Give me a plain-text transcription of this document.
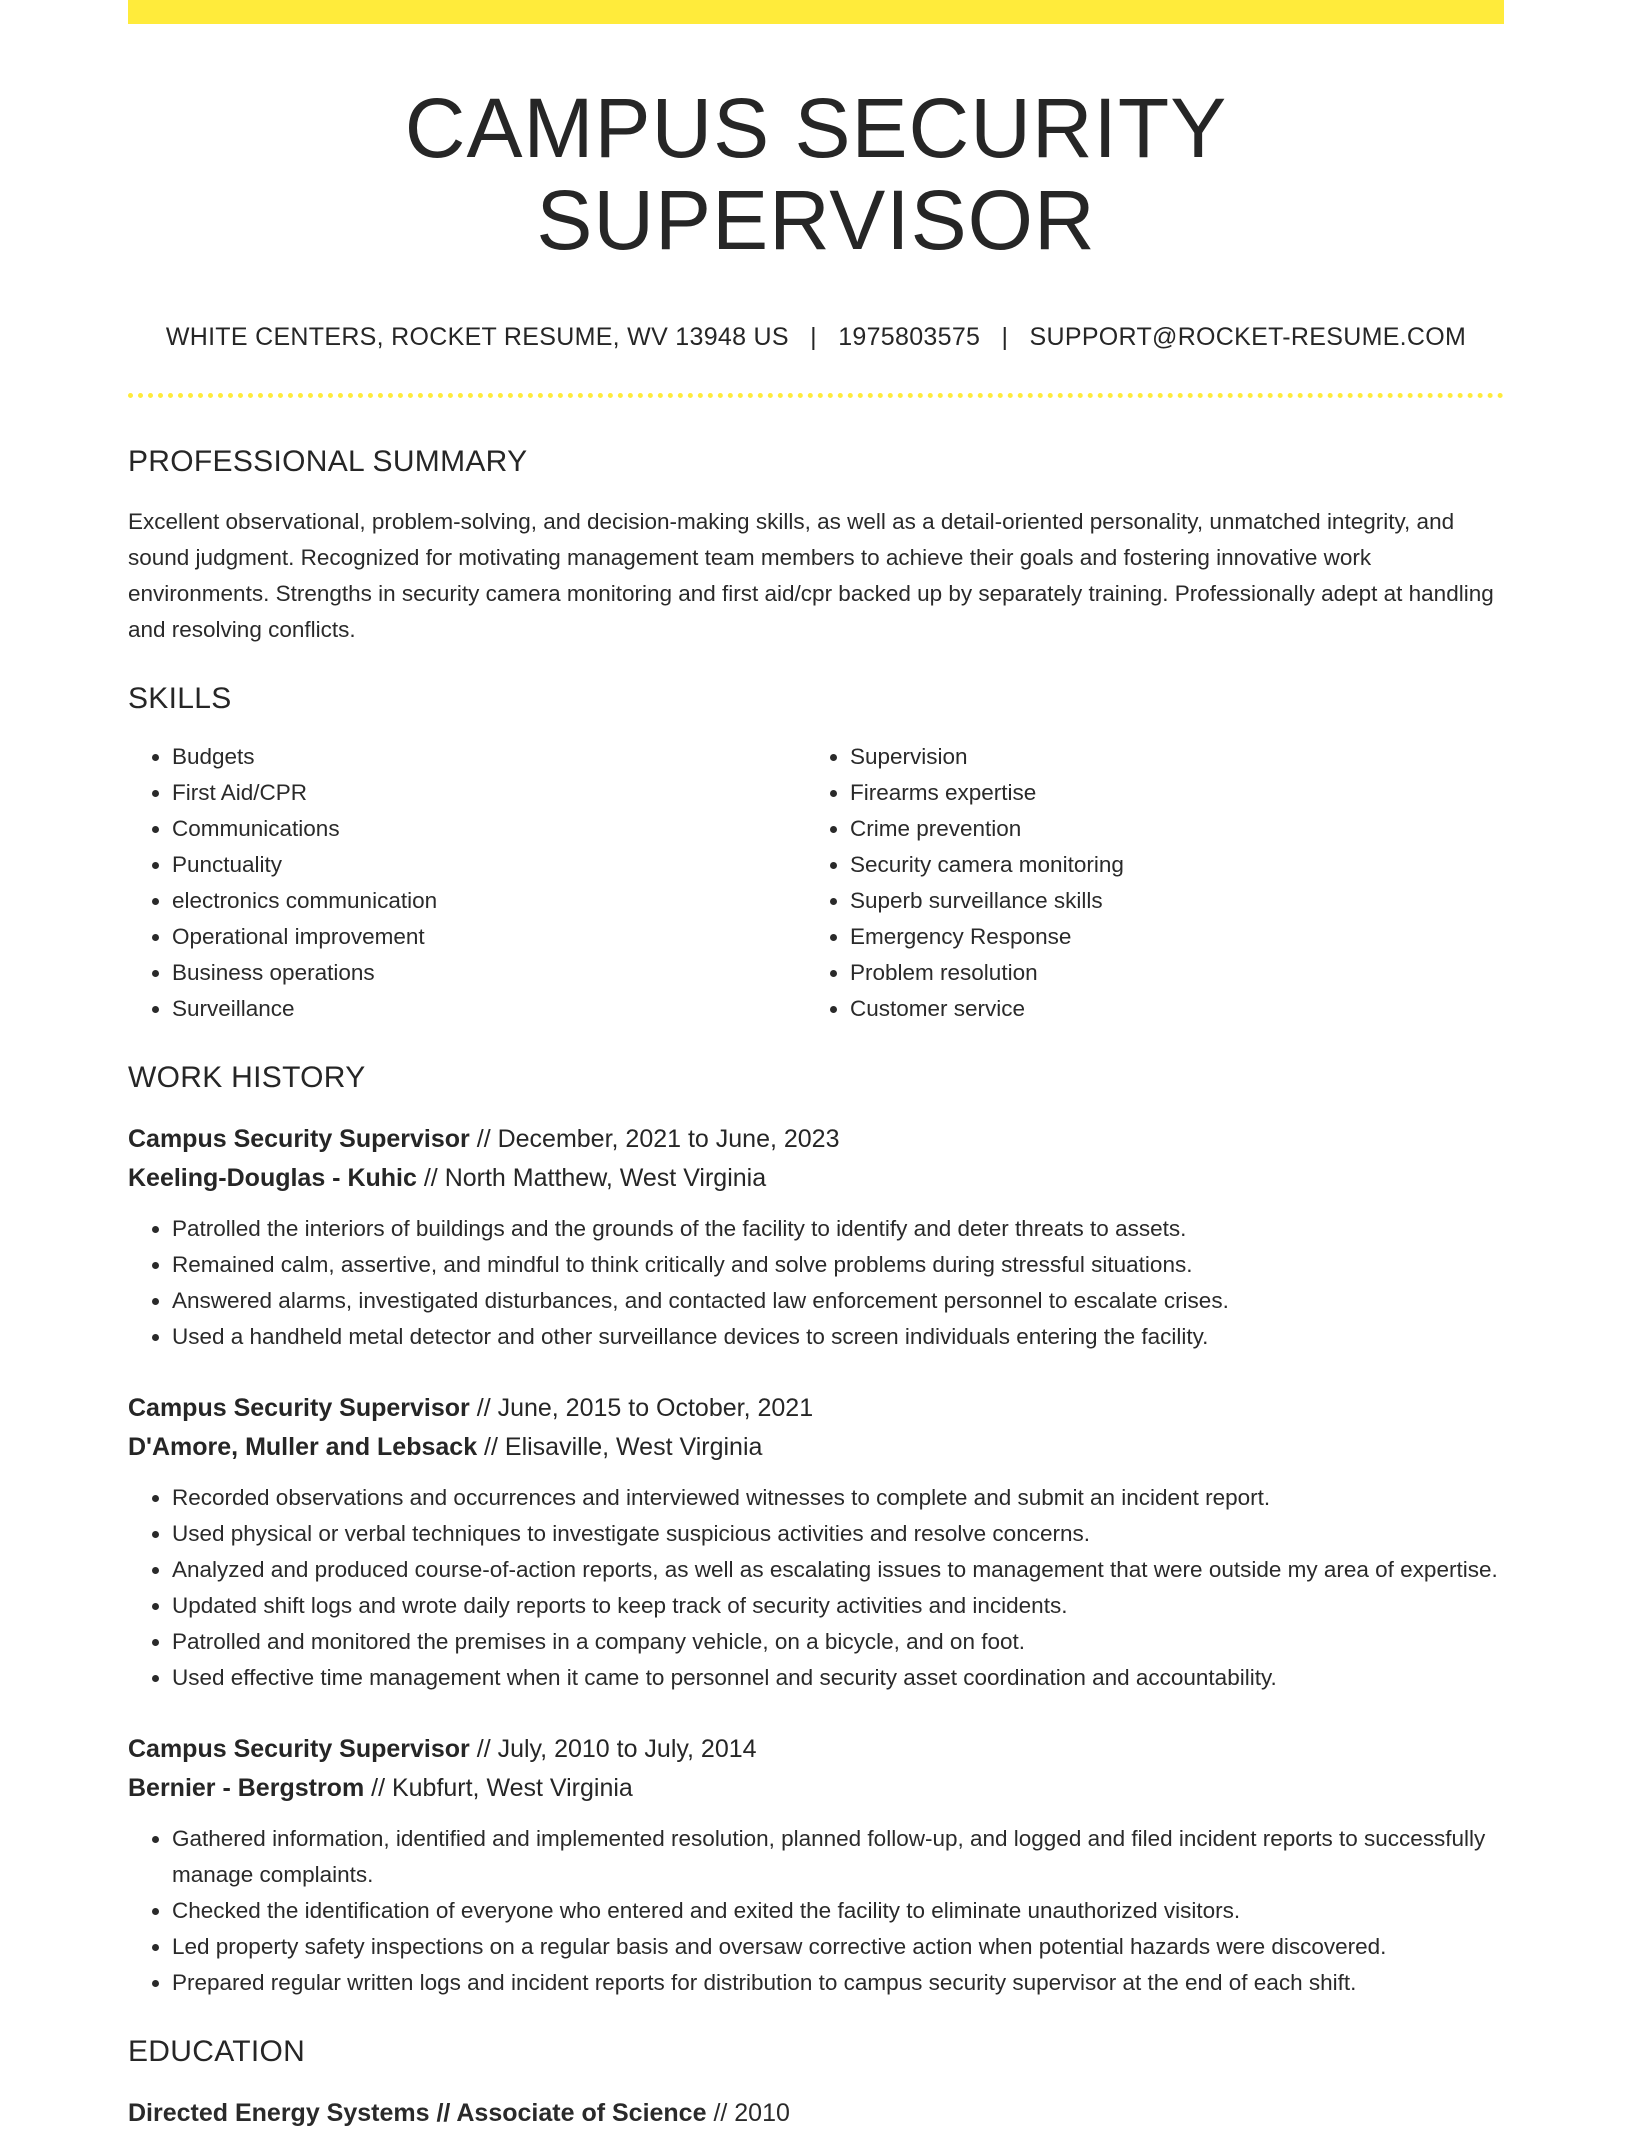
CAMPUS SECURITY SUPERVISOR
WHITE CENTERS, ROCKET RESUME, WV 13948 US | 1975803575 | SUPPORT@ROCKET-RESUME.COM
PROFESSIONAL SUMMARY

Excellent observational, problem-solving, and decision-making skills, as well as a detail-oriented personality, unmatched integrity, and sound judgment. Recognized for motivating management team members to achieve their goals and fostering innovative work environments. Strengths in security camera monitoring and first aid/cpr backed up by separately training. Professionally adept at handling and resolving conflicts.

SKILLS
• Budgets
• First Aid/CPR
• Communications
• Punctuality
• electronics communication
• Operational improvement
• Business operations
• Surveillance
• Supervision
• Firearms expertise
• Crime prevention
• Security camera monitoring
• Superb surveillance skills
• Emergency Response
• Problem resolution
• Customer service
WORK HISTORY
Campus Security Supervisor // December, 2021 to June, 2023
Keeling-Douglas - Kuhic // North Matthew, West Virginia
• Patrolled the interiors of buildings and the grounds of the facility to identify and deter threats to assets.
• Remained calm, assertive, and mindful to think critically and solve problems during stressful situations.
• Answered alarms, investigated disturbances, and contacted law enforcement personnel to escalate crises.
• Used a handheld metal detector and other surveillance devices to screen individuals entering the facility.
Campus Security Supervisor // June, 2015 to October, 2021
D'Amore, Muller and Lebsack // Elisaville, West Virginia
• Recorded observations and occurrences and interviewed witnesses to complete and submit an incident report.
• Used physical or verbal techniques to investigate suspicious activities and resolve concerns.
• Analyzed and produced course-of-action reports, as well as escalating issues to management that were outside my area of expertise.
• Updated shift logs and wrote daily reports to keep track of security activities and incidents.
• Patrolled and monitored the premises in a company vehicle, on a bicycle, and on foot.
• Used effective time management when it came to personnel and security asset coordination and accountability.
Campus Security Supervisor // July, 2010 to July, 2014
Bernier - Bergstrom // Kubfurt, West Virginia
• Gathered information, identified and implemented resolution, planned follow-up, and logged and filed incident reports to successfully manage complaints.
• Checked the identification of everyone who entered and exited the facility to eliminate unauthorized visitors.
• Led property safety inspections on a regular basis and oversaw corrective action when potential hazards were discovered.
• Prepared regular written logs and incident reports for distribution to campus security supervisor at the end of each shift.
EDUCATION
Directed Energy Systems // Associate of Science // 2010
